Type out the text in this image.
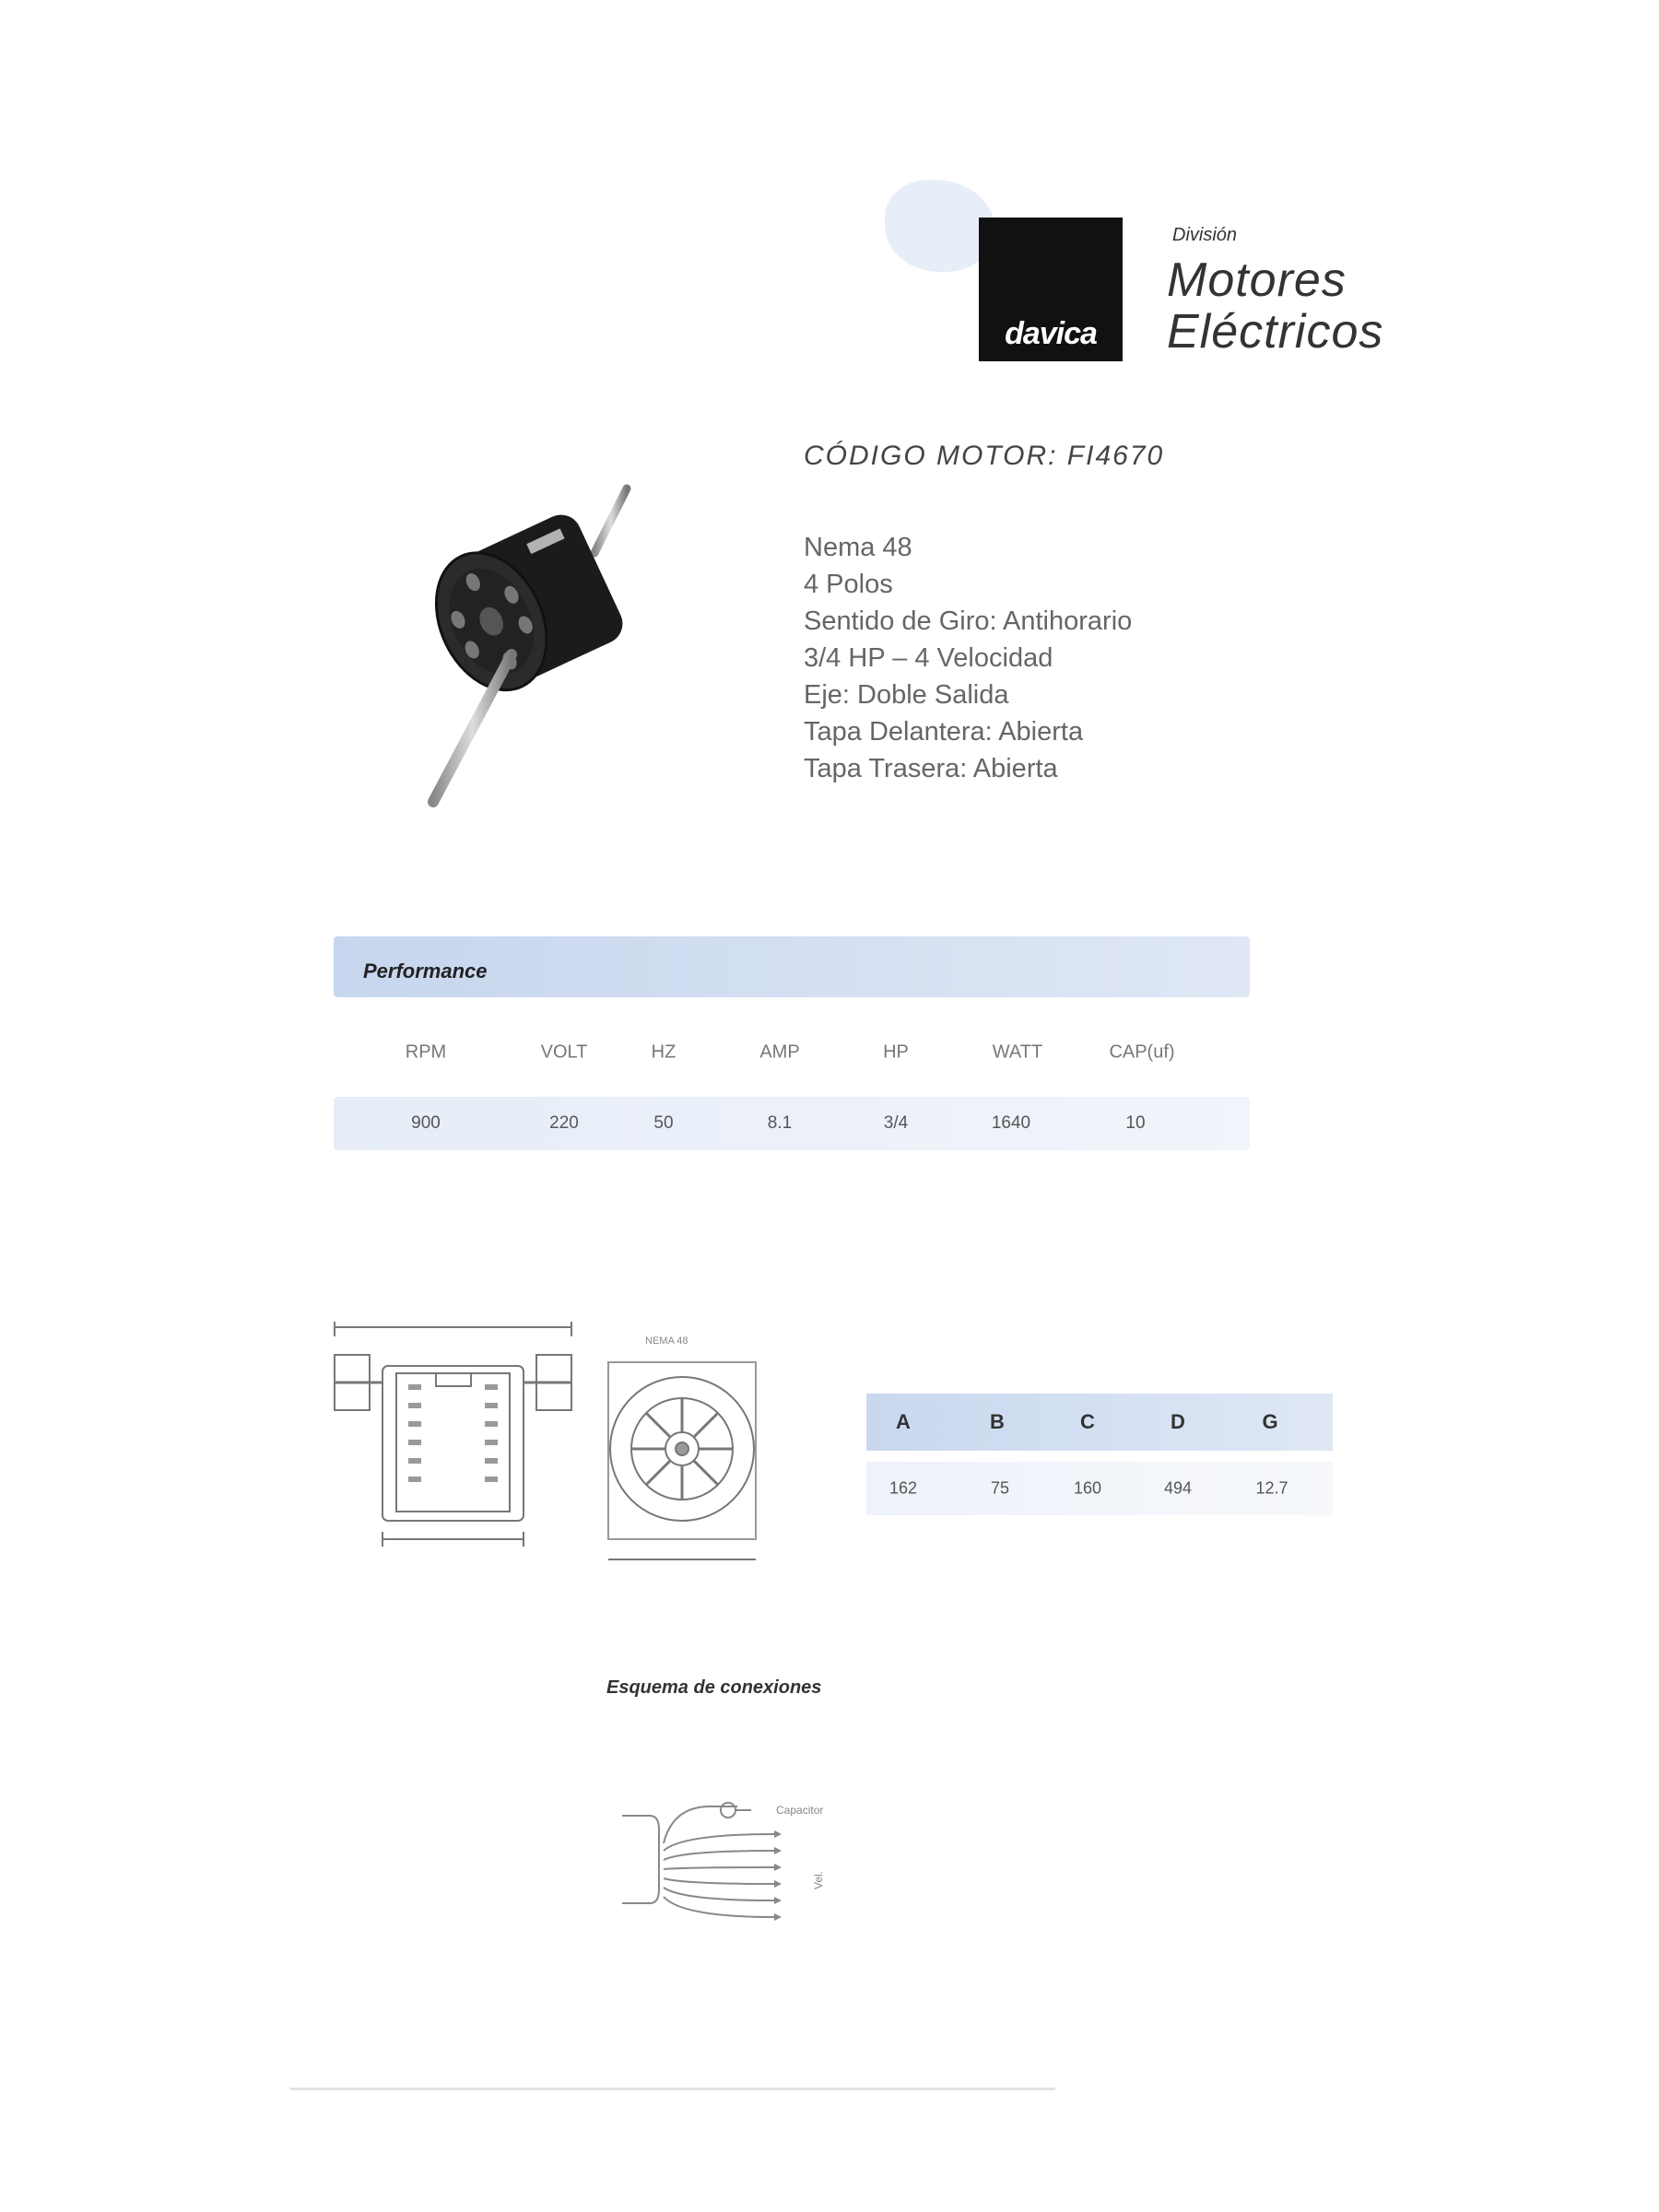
davica
División
Motores
Eléctricos
CÓDIGO MOTOR: FI4670
Nema 48
4 Polos
Sentido de Giro: Antihorario
3/4 HP – 4 Velocidad
Eje: Doble Salida
Tapa Delantera: Abierta
Tapa Trasera: Abierta
Performance
RPM	VOLT	HZ	AMP	HP	WATT	CAP(uf)
900	220	50	8.1	3/4	1640	10
NEMA 48
A	B	C	D	G
162	75	160	494	12.7
Esquema de conexiones
Capacitor
Vel.
